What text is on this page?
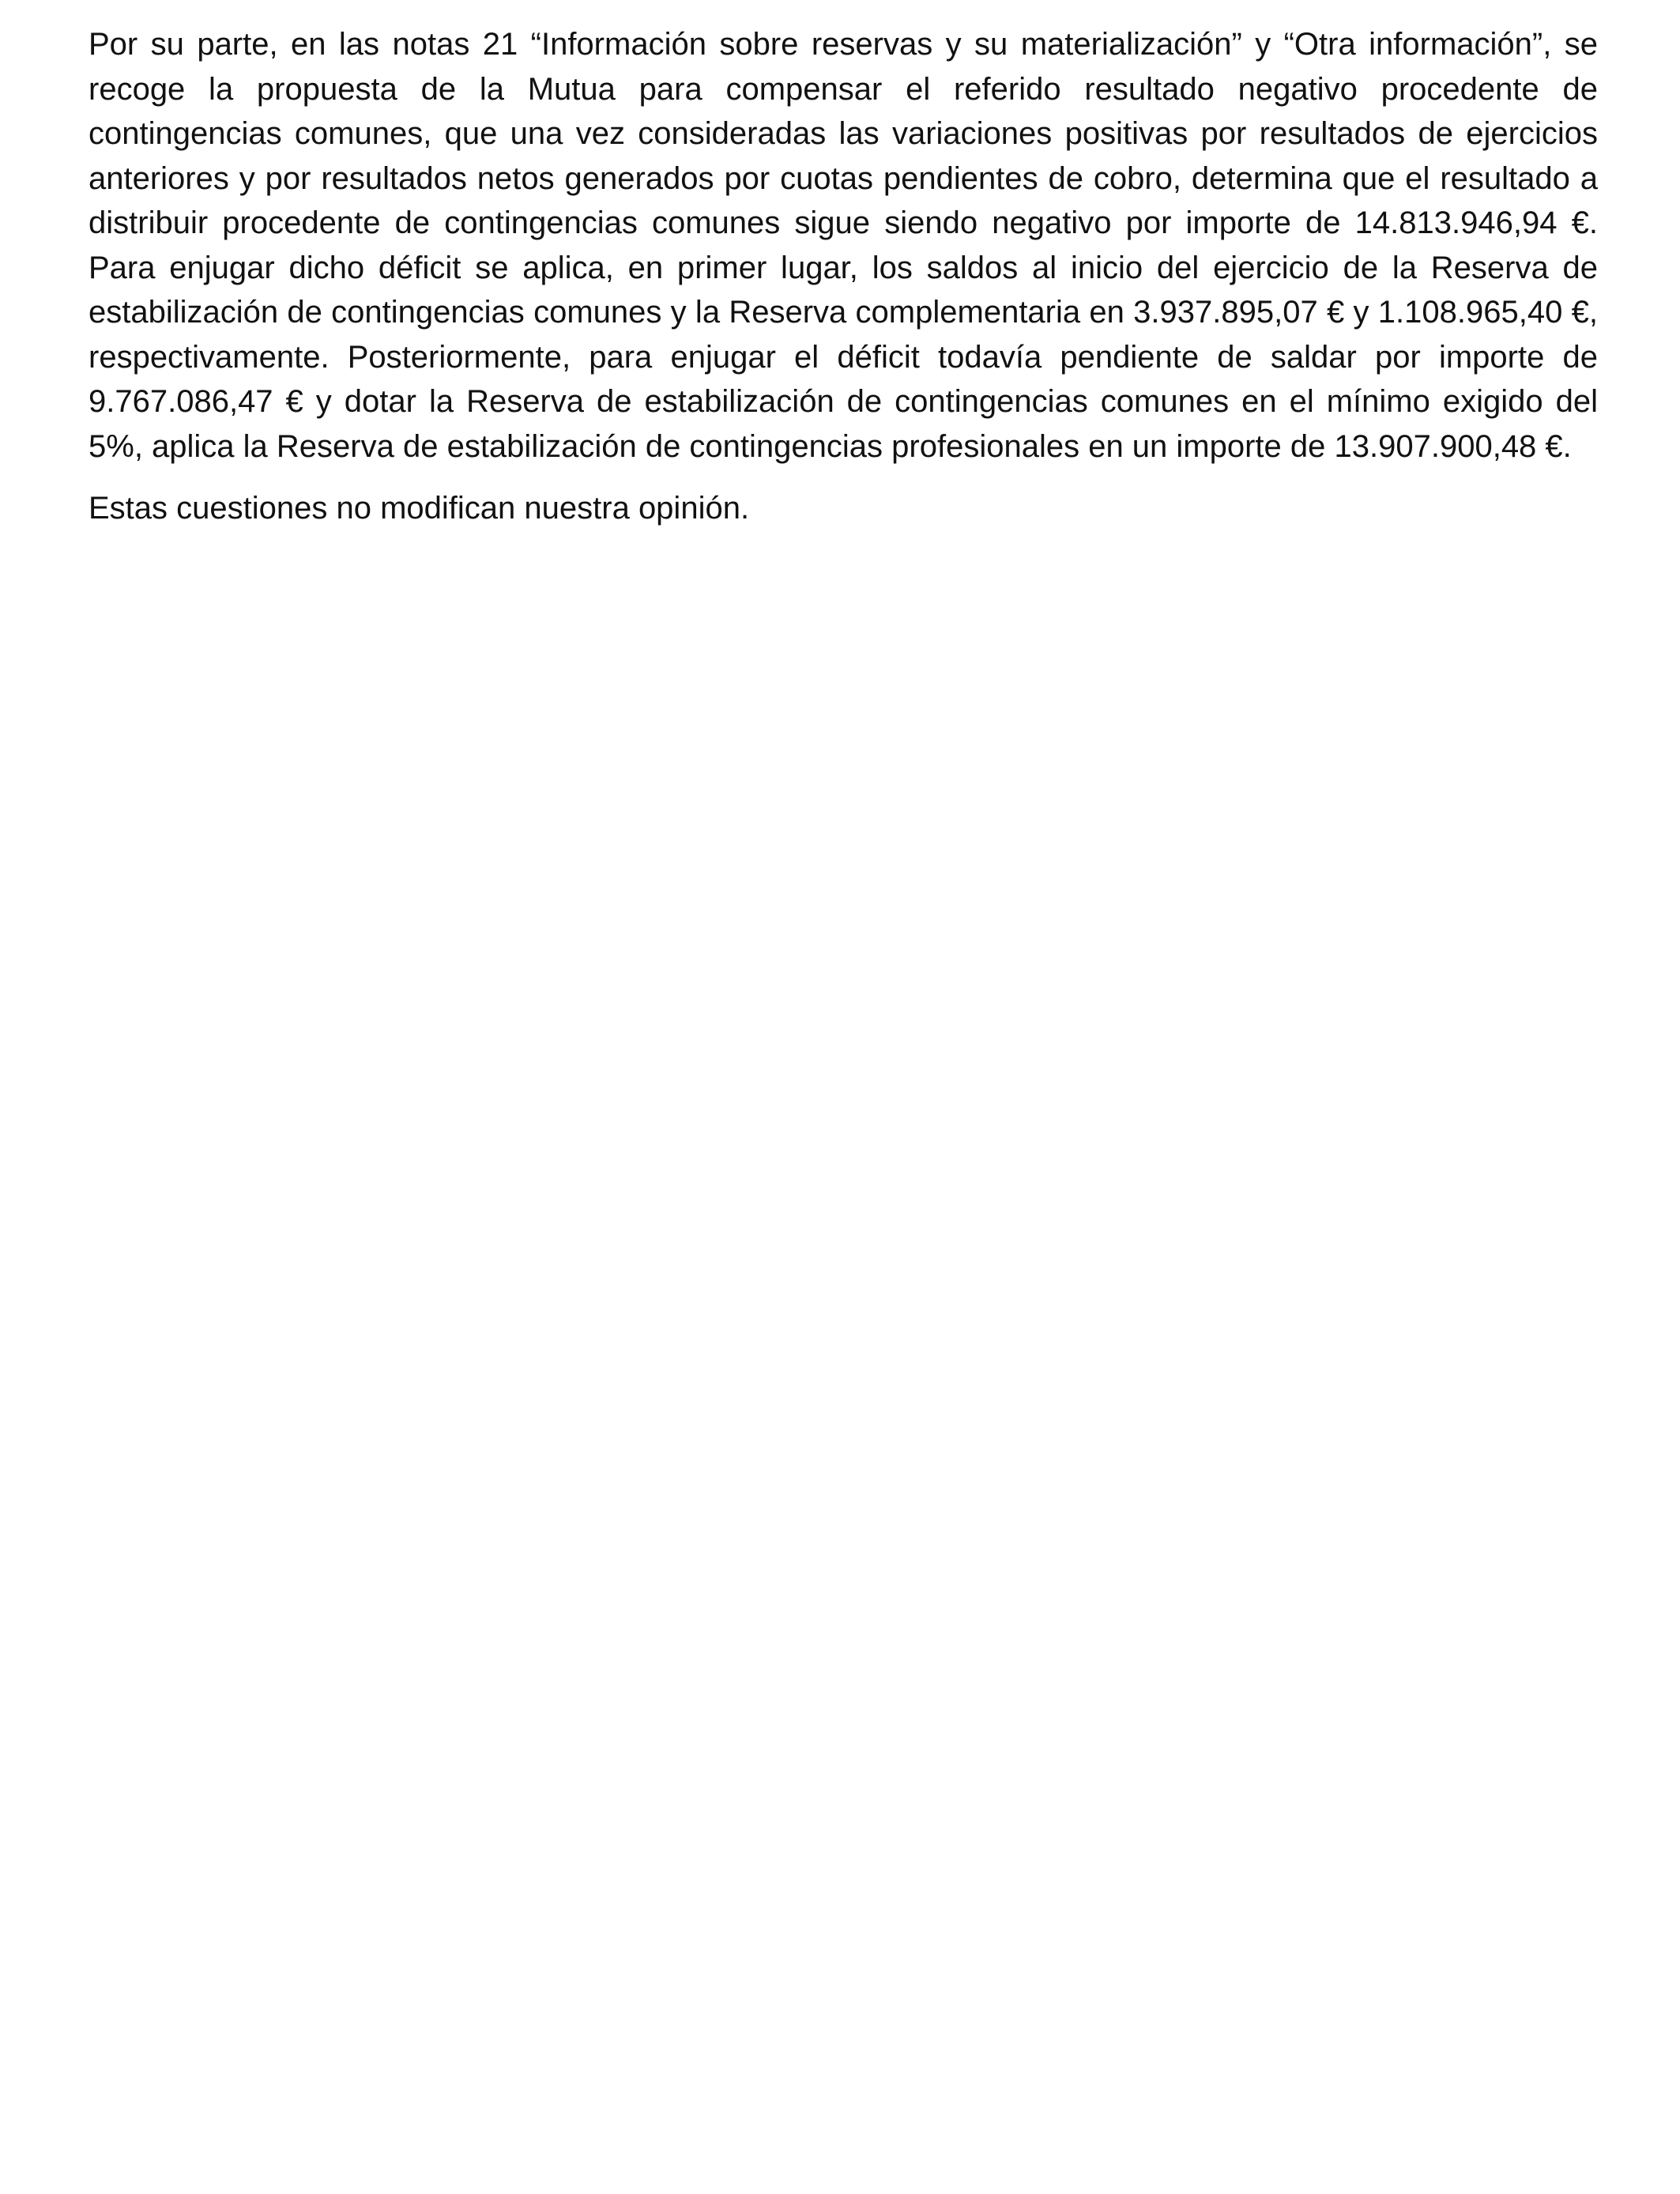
Por su parte, en las notas 21 “Información sobre reservas y su materialización” y “Otra información”, se recoge la propuesta de la Mutua para compensar el referido resultado negativo procedente de contingencias comunes, que una vez consideradas las variaciones positivas por resultados de ejercicios anteriores y por resultados netos generados por cuotas pendientes de cobro, determina que el resultado a distribuir procedente de contingencias comunes sigue siendo negativo por importe de 14.813.946,94 €. Para enjugar dicho déficit se aplica, en primer lugar, los saldos al inicio del ejercicio de la Reserva de estabilización de contingencias comunes y la Reserva complementaria en 3.937.895,07 € y 1.108.965,40 €, respectivamente. Posteriormente, para enjugar el déficit todavía pendiente de saldar por importe de 9.767.086,47 € y dotar la Reserva de estabilización de contingencias comunes en el mínimo exigido del 5%, aplica la Reserva de estabilización de contingencias profesionales en un importe de 13.907.900,48 €.

Estas cuestiones no modifican nuestra opinión.
